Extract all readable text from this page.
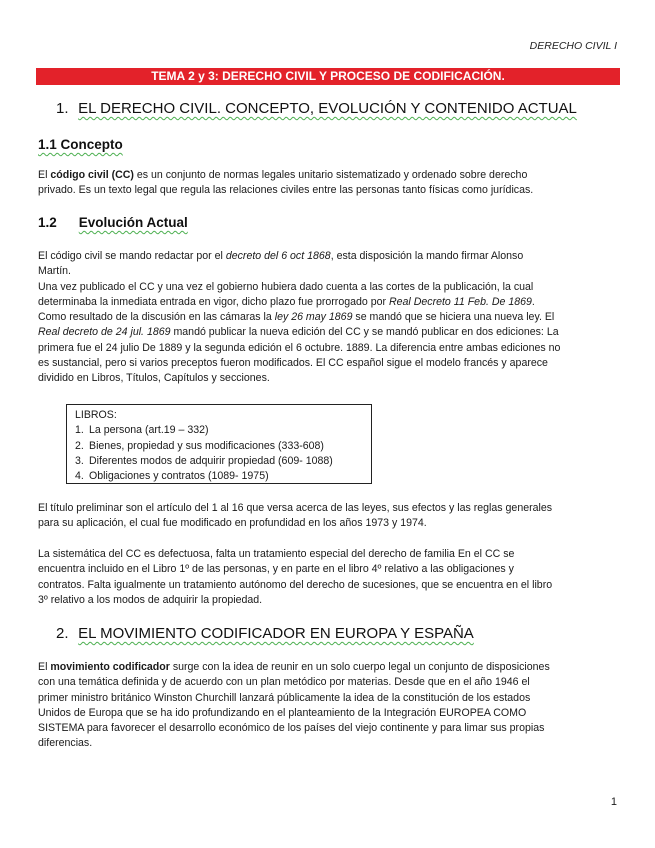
DERECHO CIVIL I
TEMA 2 y 3: DERECHO CIVIL Y PROCESO DE CODIFICACIÓN.
1. EL DERECHO CIVIL. CONCEPTO, EVOLUCIÓN Y CONTENIDO ACTUAL
1.1 Concepto
El código civil (CC) es un conjunto de normas legales unitario sistematizado y ordenado sobre derecho
privado. Es un texto legal que regula las relaciones civiles entre las personas tanto físicas como jurídicas.
1.2 Evolución Actual
El código civil se mando redactar por el decreto del 6 oct 1868, esta disposición la mando firmar Alonso
Martín.
Una vez publicado el CC y una vez el gobierno hubiera dado cuenta a las cortes de la publicación, la cual
determinaba la inmediata entrada en vigor, dicho plazo fue prorrogado por Real Decreto 11 Feb. De 1869.
Como resultado de la discusión en las cámaras la ley 26 may 1869 se mandó que se hiciera una nueva ley. El
Real decreto de 24 jul. 1869 mandó publicar la nueva edición del CC y se mandó publicar en dos ediciones: La
primera fue el 24 julio De 1889 y la segunda edición el 6 octubre. 1889. La diferencia entre ambas ediciones no
es sustancial, pero si varios preceptos fueron modificados. El CC español sigue el modelo francés y aparece
dividido en Libros, Títulos, Capítulos y secciones.
LIBROS:
1. La persona (art.19 – 332)
2. Bienes, propiedad y sus modificaciones (333-608)
3. Diferentes modos de adquirir propiedad (609- 1088)
4. Obligaciones y contratos (1089- 1975)
El título preliminar son el artículo del 1 al 16 que versa acerca de las leyes, sus efectos y las reglas generales
para su aplicación, el cual fue modificado en profundidad en los años 1973 y 1974.
La sistemática del CC es defectuosa, falta un tratamiento especial del derecho de familia En el CC se
encuentra incluido en el Libro 1º de las personas, y en parte en el libro 4º relativo a las obligaciones y
contratos. Falta igualmente un tratamiento autónomo del derecho de sucesiones, que se encuentra en el libro
3º relativo a los modos de adquirir la propiedad.
2. EL MOVIMIENTO CODIFICADOR EN EUROPA Y ESPAÑA
El movimiento codificador surge con la idea de reunir en un solo cuerpo legal un conjunto de disposiciones
con una temática definida y de acuerdo con un plan metódico por materias. Desde que en el año 1946 el
primer ministro británico Winston Churchill lanzará públicamente la idea de la constitución de los estados
Unidos de Europa que se ha ido profundizando en el planteamiento de la Integración EUROPEA COMO
SISTEMA para favorecer el desarrollo económico de los países del viejo continente y para limar sus propias
diferencias.
1
